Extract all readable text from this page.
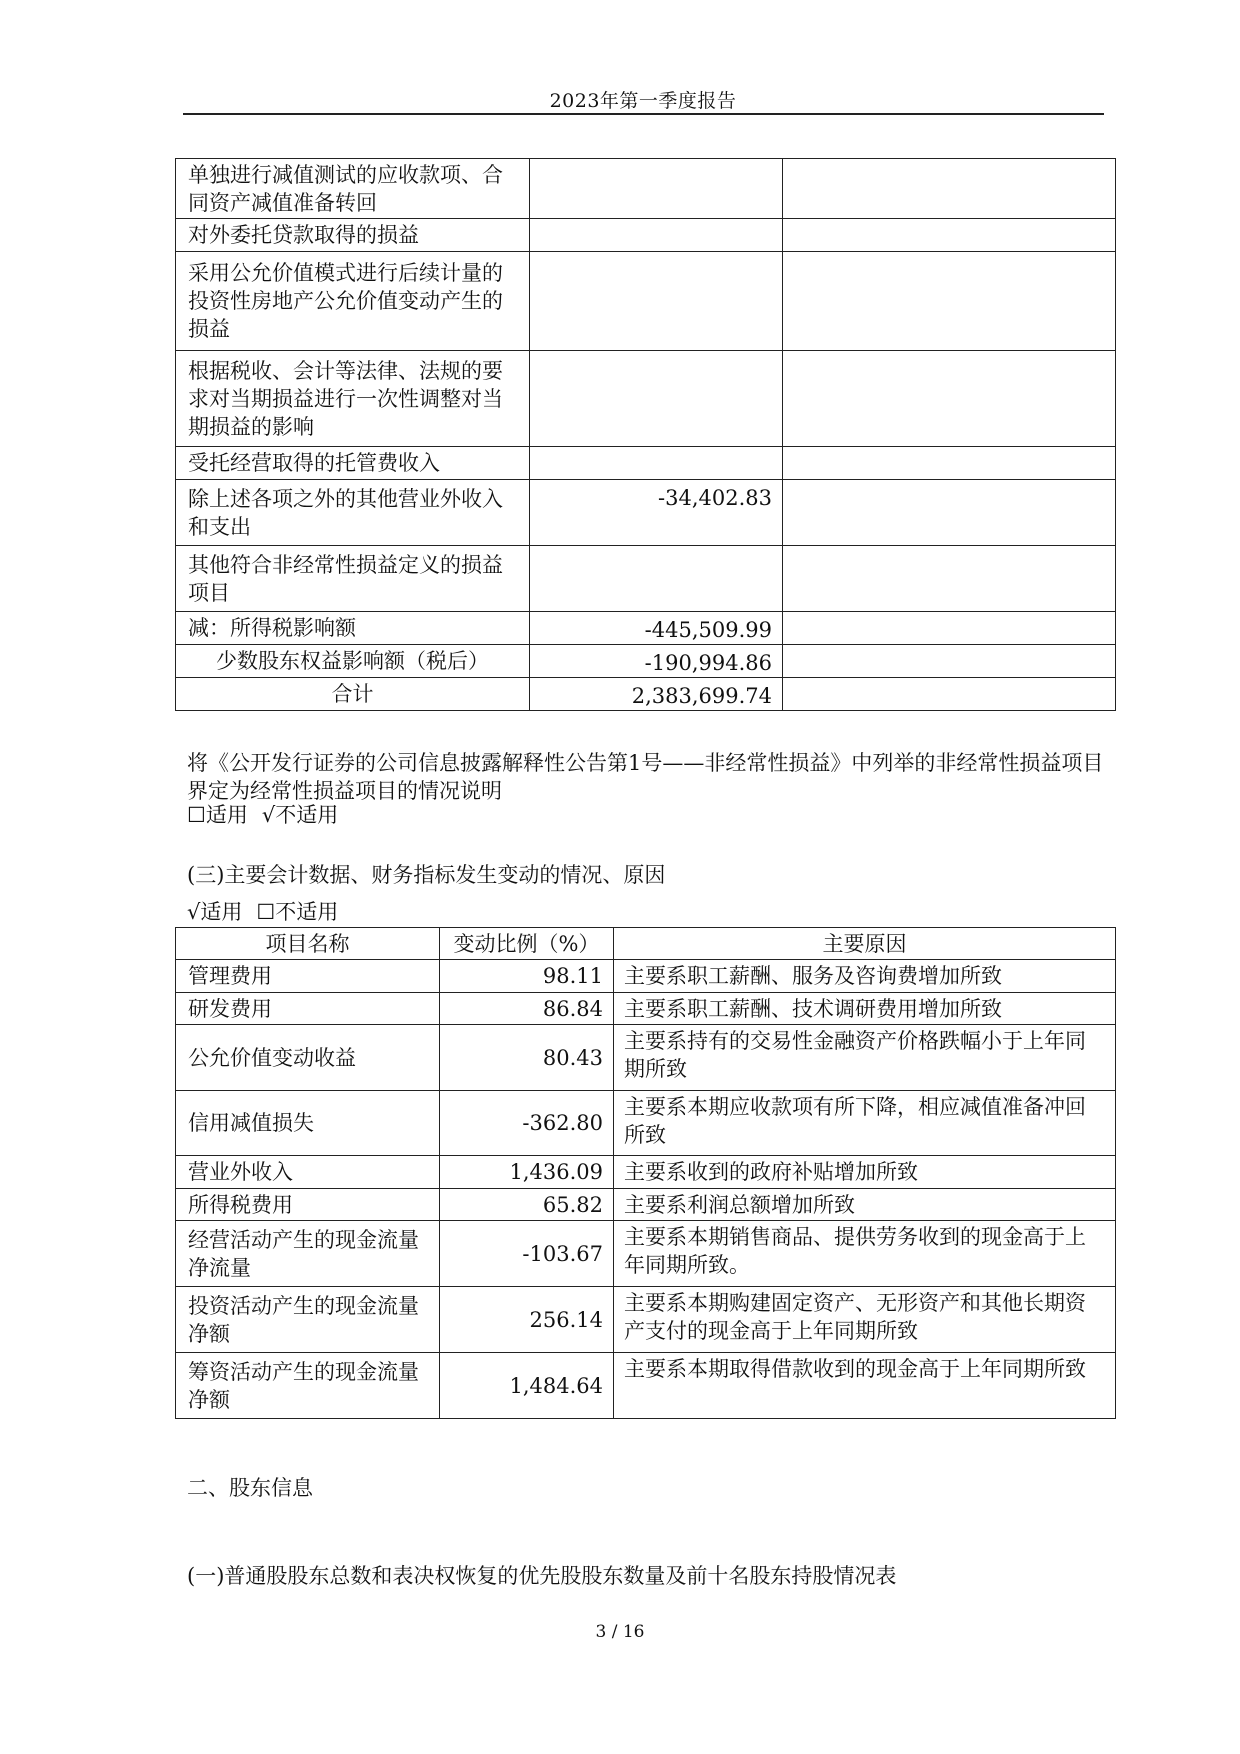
2023年第一季度报告
单独进行减值测试的应收款项、合同资产减值准备转回		
对外委托贷款取得的损益		
采用公允价值模式进行后续计量的投资性房地产公允价值变动产生的损益		
根据税收、会计等法律、法规的要求对当期损益进行一次性调整对当期损益的影响		
受托经营取得的托管费收入		
除上述各项之外的其他营业外收入和支出	-34,402.83	
其他符合非经常性损益定义的损益项目		
减：所得税影响额	-445,509.99	
少数股东权益影响额（税后）	-190,994.86	
合计	2,383,699.74	
将《公开发行证券的公司信息披露解释性公告第1号——非经常性损益》中列举的非经常性损益项目界定为经常性损益项目的情况说明
☐适用 √不适用
(三)主要会计数据、财务指标发生变动的情况、原因
√适用 ☐不适用
项目名称	变动比例（%）	主要原因
管理费用	98.11	主要系职工薪酬、服务及咨询费增加所致
研发费用	86.84	主要系职工薪酬、技术调研费用增加所致
公允价值变动收益	80.43	主要系持有的交易性金融资产价格跌幅小于上年同期所致
信用减值损失	-362.80	主要系本期应收款项有所下降，相应减值准备冲回所致
营业外收入	1,436.09	主要系收到的政府补贴增加所致
所得税费用	65.82	主要系利润总额增加所致
经营活动产生的现金流量净流量	-103.67	主要系本期销售商品、提供劳务收到的现金高于上年同期所致。
投资活动产生的现金流量净额	256.14	主要系本期购建固定资产、无形资产和其他长期资产支付的现金高于上年同期所致
筹资活动产生的现金流量净额	1,484.64	主要系本期取得借款收到的现金高于上年同期所致
二、股东信息
(一)普通股股东总数和表决权恢复的优先股股东数量及前十名股东持股情况表
3 / 16
